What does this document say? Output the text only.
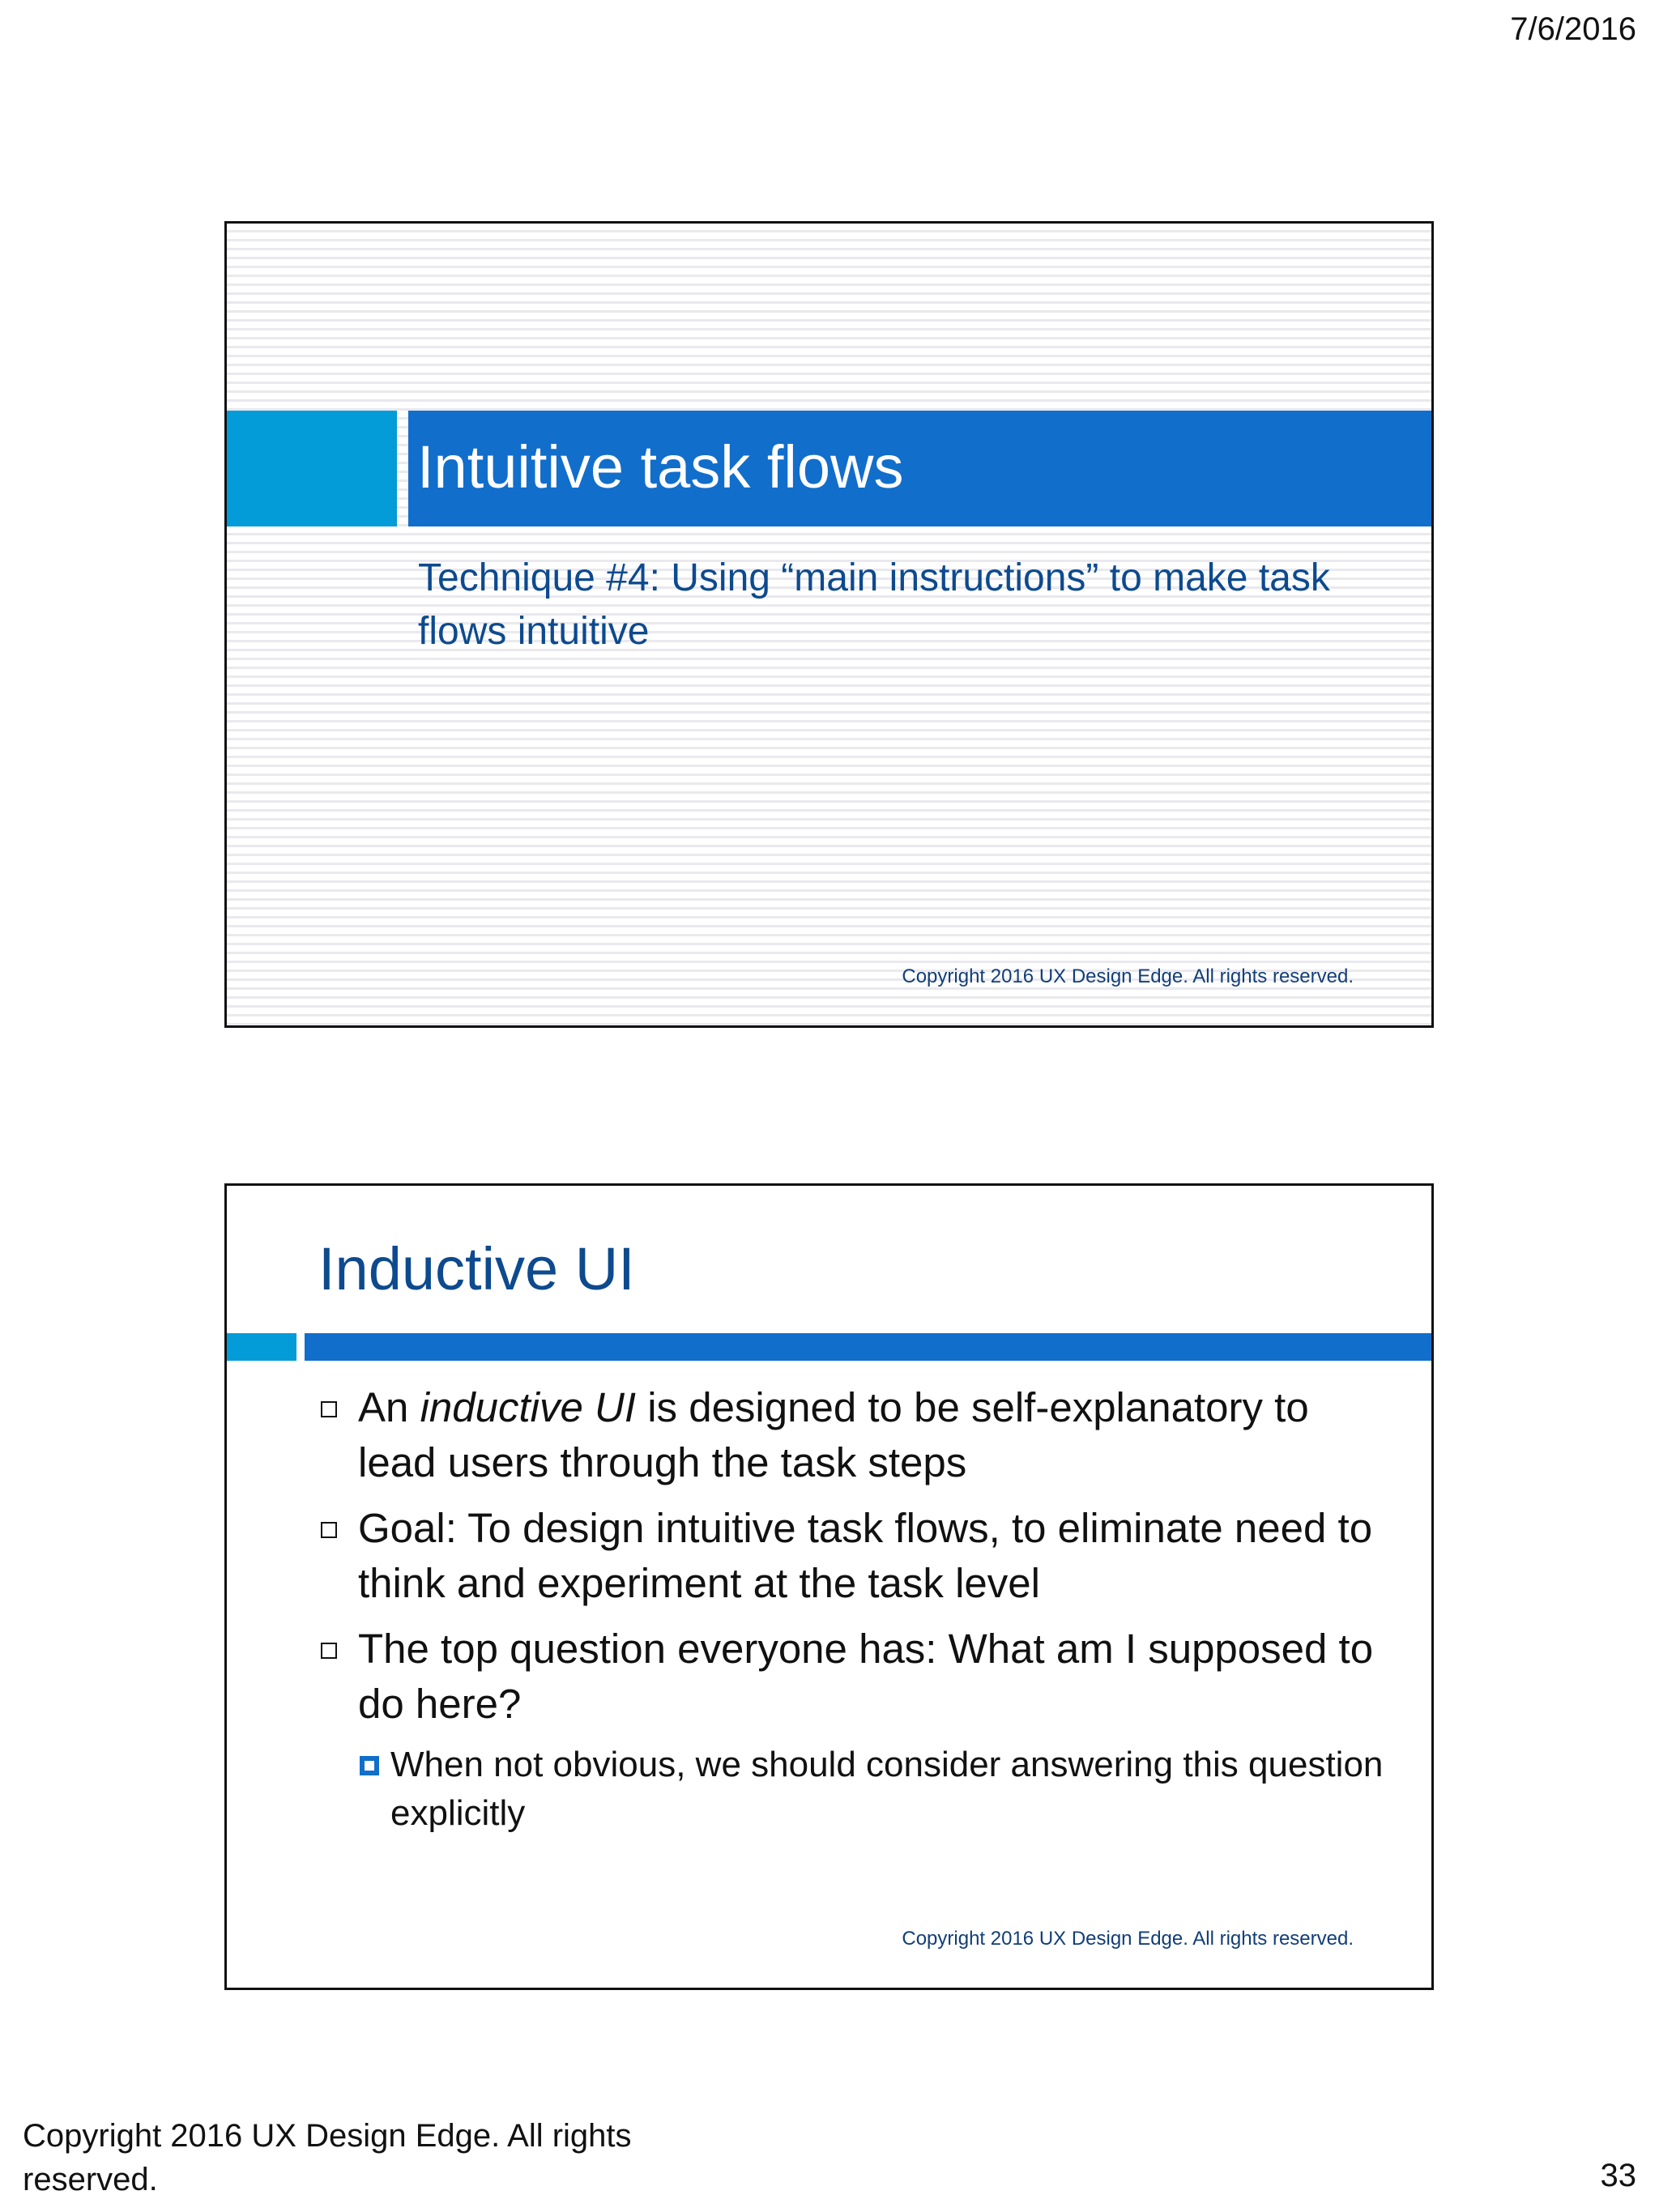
7/6/2016
Intuitive task flows
Technique #4: Using “main instructions” to make task flows intuitive
Copyright 2016 UX Design Edge. All rights reserved.
Inductive UI
An inductive UI is designed to be self-explanatory to lead users through the task steps
Goal: To design intuitive task flows, to eliminate need to think and experiment at the task level
The top question everyone has: What am I supposed to do here?
When not obvious, we should consider answering this question explicitly
Copyright 2016 UX Design Edge. All rights reserved.
Copyright 2016 UX Design Edge. All rights reserved.	33
